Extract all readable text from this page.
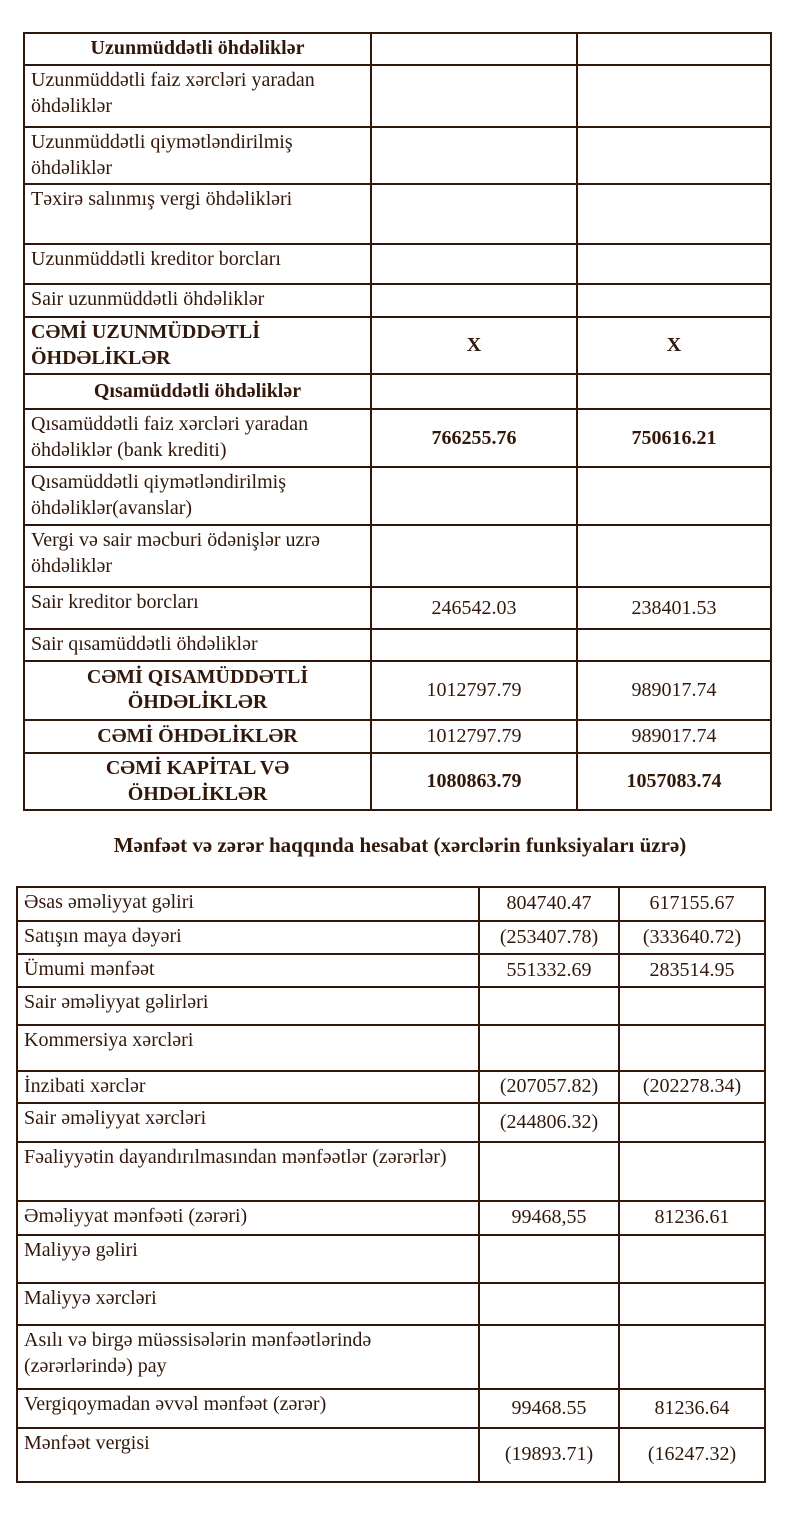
Uzunmüddətli öhdəliklər		
Uzunmüddətli faiz xərcləri yaradan öhdəliklər		
Uzunmüddətli qiymətləndirilmiş öhdəliklər		
Təxirə salınmış vergi öhdəlikləri		
Uzunmüddətli kreditor borcları		
Sair uzunmüddətli öhdəliklər		
CƏMİ UZUNMÜDDƏTLİ ÖHDƏLİKLƏR	X	X
Qısamüddətli öhdəliklər		
Qısamüddətli faiz xərcləri yaradan öhdəliklər (bank krediti)	766255.76	750616.21
Qısamüddətli qiymətləndirilmiş öhdəliklər(avanslar)		
Vergi və sair məcburi ödənişlər uzrə öhdəliklər		
Sair kreditor borcları	246542.03	238401.53
Sair qısamüddətli öhdəliklər		
CƏMİ QISAMÜDDƏTLİ ÖHDƏLİKLƏR	1012797.79	989017.74
CƏMİ ÖHDƏLİKLƏR	1012797.79	989017.74
CƏMİ KAPİTAL VƏ ÖHDƏLİKLƏR	1080863.79	1057083.74
Mənfəət və zərər haqqında hesabat (xərclərin funksiyaları üzrə)
Əsas əməliyyat gəliri	804740.47	617155.67
Satışın maya dəyəri	(253407.78)	(333640.72)
Ümumi mənfəət	551332.69	283514.95
Sair əməliyyat gəlirləri		
Kommersiya xərcləri		
İnzibati xərclər	(207057.82)	(202278.34)
Sair əməliyyat xərcləri	(244806.32)	
Fəaliyyətin dayandırılmasından mənfəətlər (zərərlər)		
Əməliyyat mənfəəti (zərəri)	99468,55	81236.61
Maliyyə gəliri		
Maliyyə xərcləri		
Asılı və birgə müəssisələrin mənfəətlərində (zərərlərində) pay		
Vergiqoymadan əvvəl mənfəət (zərər)	99468.55	81236.64
Mənfəət vergisi	(19893.71)	(16247.32)
